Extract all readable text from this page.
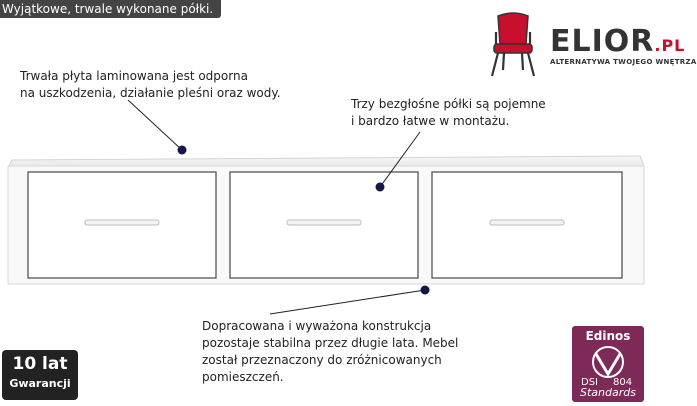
Wyjątkowe, trwale wykonane półki.
ELIOR.PL
ALTERNATYWA TWOJEGO WNĘTRZA
Trwała płyta laminowana jest odporna
na uszkodzenia, działanie pleśni oraz wody.
Trzy bezgłośne półki są pojemne
i bardzo łatwe w montażu.
Dopracowana i wyważona konstrukcja
pozostaje stabilna przez długie lata. Mebel
został przeznaczony do zróżnicowanych
pomieszczeń.
10 lat
Gwarancji
Edinos
DSI 804
Standards
